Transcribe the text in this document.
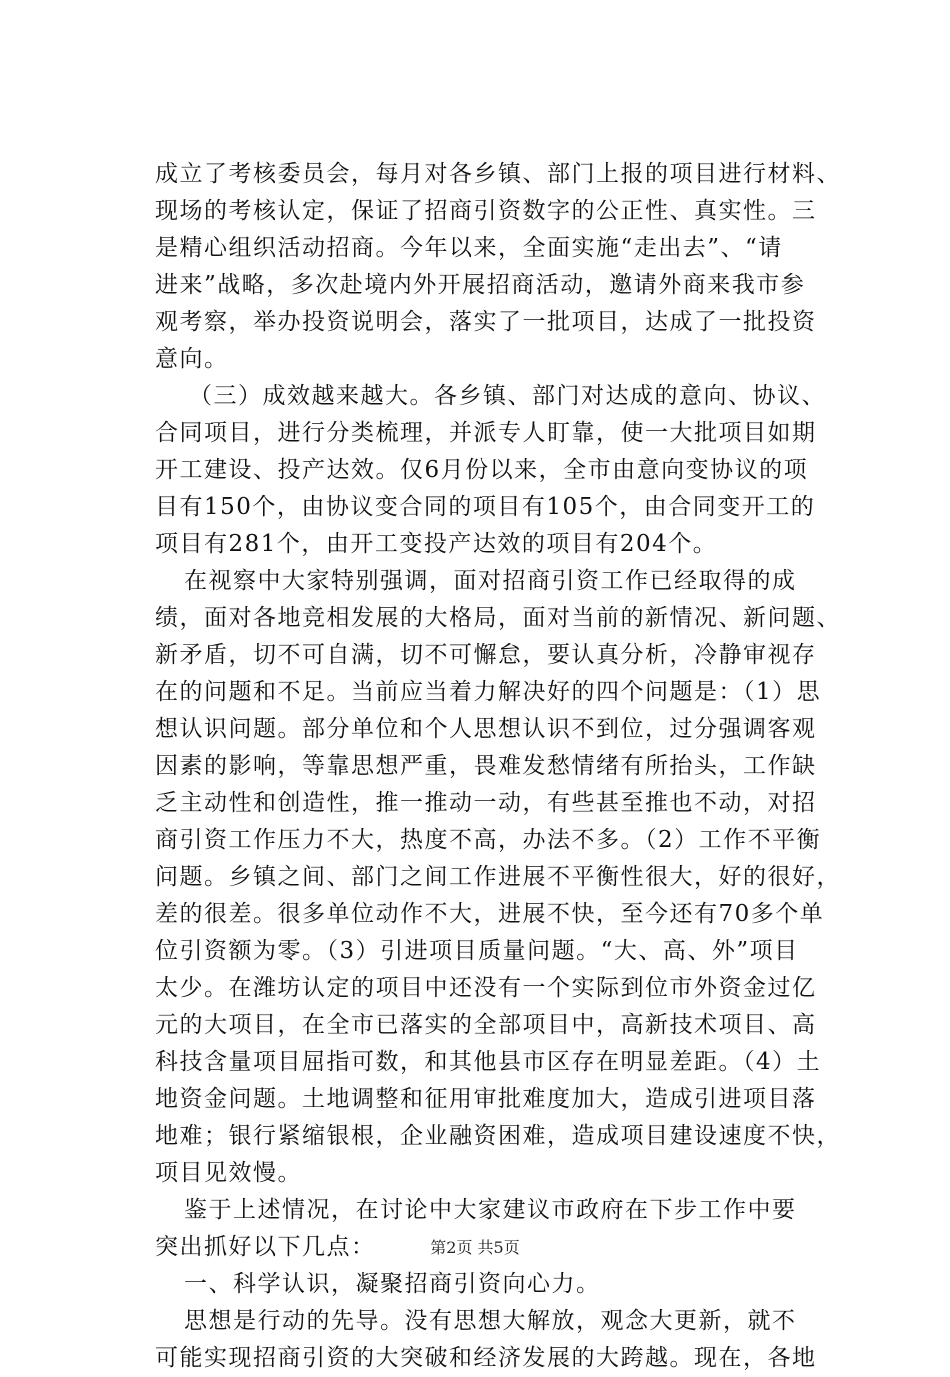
成立了考核委员会，每月对各乡镇、部门上报的项目进行材料、
现场的考核认定，保证了招商引资数字的公正性、真实性。三
是精心组织活动招商。今年以来，全面实施“走出去”、“请
进来”战略，多次赴境内外开展招商活动，邀请外商来我市参
观考察，举办投资说明会，落实了一批项目，达成了一批投资
意向。
（三）成效越来越大。各乡镇、部门对达成的意向、协议、
合同项目，进行分类梳理，并派专人盯靠，使一大批项目如期
开工建设、投产达效。仅6月份以来，全市由意向变协议的项
目有150个，由协议变合同的项目有105个，由合同变开工的
项目有281个，由开工变投产达效的项目有204个。
在视察中大家特别强调，面对招商引资工作已经取得的成
绩，面对各地竞相发展的大格局，面对当前的新情况、新问题、
新矛盾，切不可自满，切不可懈怠，要认真分析，冷静审视存
在的问题和不足。当前应当着力解决好的四个问题是：（1）思
想认识问题。部分单位和个人思想认识不到位，过分强调客观
因素的影响，等靠思想严重，畏难发愁情绪有所抬头，工作缺
乏主动性和创造性，推一推动一动，有些甚至推也不动，对招
商引资工作压力不大，热度不高，办法不多。（2）工作不平衡
问题。乡镇之间、部门之间工作进展不平衡性很大，好的很好，
差的很差。很多单位动作不大，进展不快，至今还有70多个单
位引资额为零。（3）引进项目质量问题。“大、高、外”项目
太少。在潍坊认定的项目中还没有一个实际到位市外资金过亿
元的大项目，在全市已落实的全部项目中，高新技术项目、高
科技含量项目屈指可数，和其他县市区存在明显差距。（4）土
地资金问题。土地调整和征用审批难度加大，造成引进项目落
地难；银行紧缩银根，企业融资困难，造成项目建设速度不快，
项目见效慢。
鉴于上述情况，在讨论中大家建议市政府在下步工作中要
突出抓好以下几点：
一、科学认识，凝聚招商引资向心力。
思想是行动的先导。没有思想大解放，观念大更新，就不
可能实现招商引资的大突破和经济发展的大跨越。现在，各地
第2页 共5页
